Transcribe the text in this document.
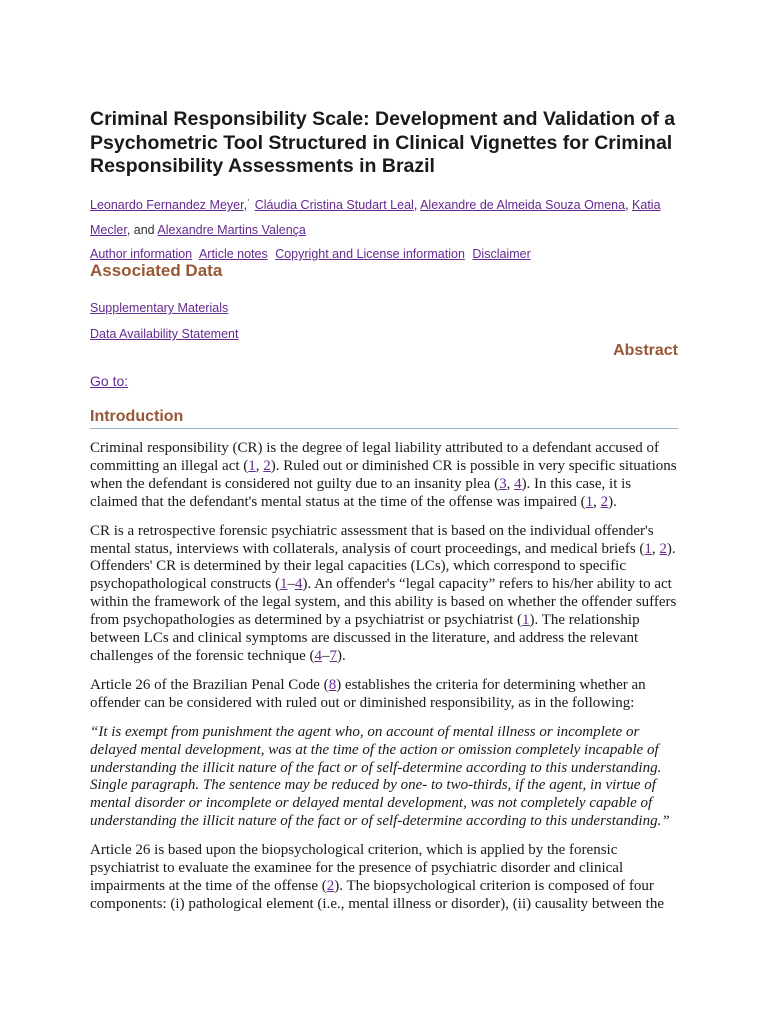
Criminal Responsibility Scale: Development and Validation of a Psychometric Tool Structured in Clinical Vignettes for Criminal Responsibility Assessments in Brazil
Leonardo Fernandez Meyer,˙ Cláudia Cristina Studart Leal, Alexandre de Almeida Souza Omena, Katia Mecler, and Alexandre Martins Valença
Author information Article notes Copyright and License information Disclaimer
Associated Data
Supplementary Materials
Data Availability Statement
Abstract
Go to:
Introduction

Criminal responsibility (CR) is the degree of legal liability attributed to a defendant accused of committing an illegal act (1, 2). Ruled out or diminished CR is possible in very specific situations when the defendant is considered not guilty due to an insanity plea (3, 4). In this case, it is claimed that the defendant's mental status at the time of the offense was impaired (1, 2).

CR is a retrospective forensic psychiatric assessment that is based on the individual offender's mental status, interviews with collaterals, analysis of court proceedings, and medical briefs (1, 2). Offenders' CR is determined by their legal capacities (LCs), which correspond to specific psychopathological constructs (1–4). An offender's “legal capacity” refers to his/her ability to act within the framework of the legal system, and this ability is based on whether the offender suffers from psychopathologies as determined by a psychiatrist or psychiatrist (1). The relationship between LCs and clinical symptoms are discussed in the literature, and address the relevant challenges of the forensic technique (4–7).

Article 26 of the Brazilian Penal Code (8) establishes the criteria for determining whether an offender can be considered with ruled out or diminished responsibility, as in the following:

“It is exempt from punishment the agent who, on account of mental illness or incomplete or delayed mental development, was at the time of the action or omission completely incapable of understanding the illicit nature of the fact or of self-determine according to this understanding. Single paragraph. The sentence may be reduced by one- to two-thirds, if the agent, in virtue of mental disorder or incomplete or delayed mental development, was not completely capable of understanding the illicit nature of the fact or of self-determine according to this understanding.”

Article 26 is based upon the biopsychological criterion, which is applied by the forensic psychiatrist to evaluate the examinee for the presence of psychiatric disorder and clinical impairments at the time of the offense (2). The biopsychological criterion is composed of four components: (i) pathological element (i.e., mental illness or disorder), (ii) causality between the
